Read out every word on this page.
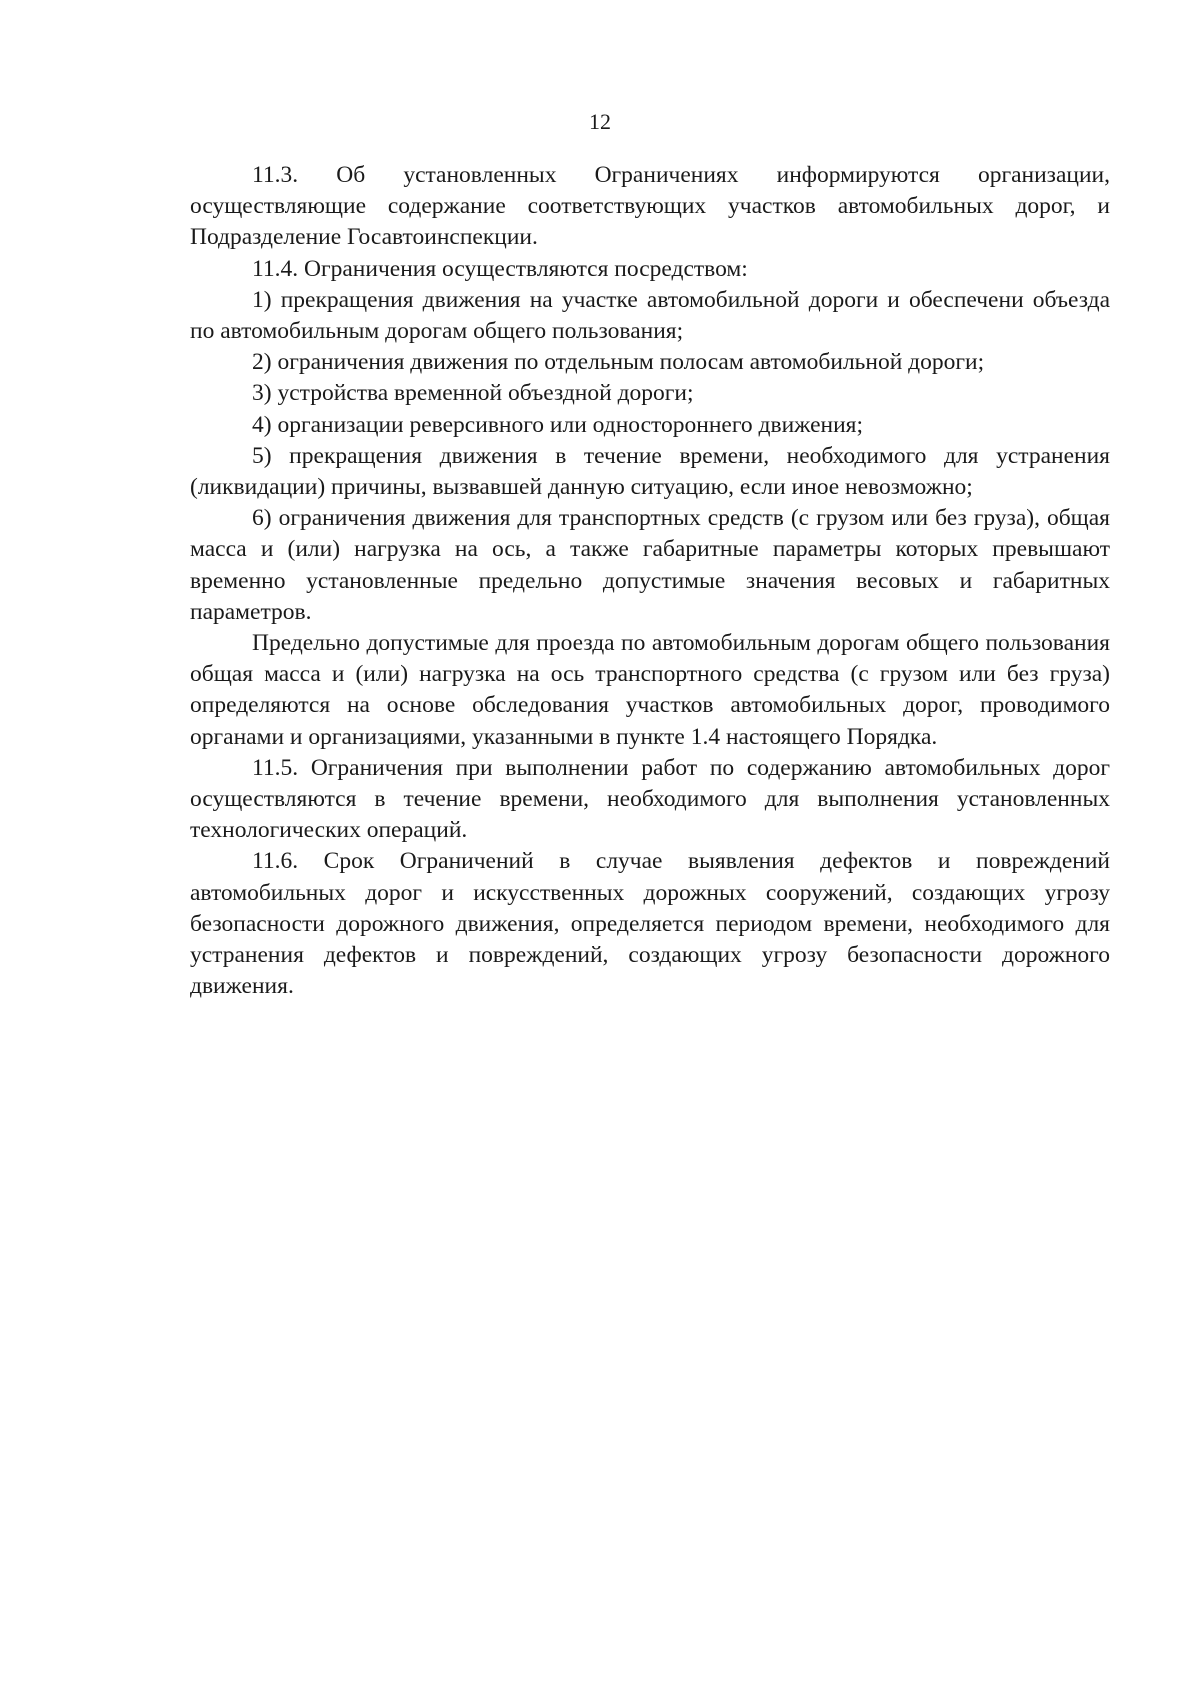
12

11.3. Об установленных Ограничениях информируются организации, осуществляющие содержание соответствующих участков автомобильных дорог, и Подразделение Госавтоинспекции.

11.4. Ограничения осуществляются посредством:

1) прекращения движения на участке автомобильной дороги и обеспечени объезда по автомобильным дорогам общего пользования;

2) ограничения движения по отдельным полосам автомобильной дороги;

3) устройства временной объездной дороги;

4) организации реверсивного или одностороннего движения;

5) прекращения движения в течение времени, необходимого для устранения (ликвидации) причины, вызвавшей данную ситуацию, если иное невозможно;

6) ограничения движения для транспортных средств (с грузом или без груза), общая масса и (или) нагрузка на ось, а также габаритные параметры которых превышают временно установленные предельно допустимые значения весовых и габаритных параметров.

Предельно допустимые для проезда по автомобильным дорогам общего пользования общая масса и (или) нагрузка на ось транспортного средства (с грузом или без груза) определяются на основе обследования участков автомобильных дорог, проводимого органами и организациями, указанными в пункте 1.4 настоящего Порядка.

11.5. Ограничения при выполнении работ по содержанию автомобильных дорог осуществляются в течение времени, необходимого для выполнения установленных технологических операций.

11.6. Срок Ограничений в случае выявления дефектов и повреждений автомобильных дорог и искусственных дорожных сооружений, создающих угрозу безопасности дорожного движения, определяется периодом времени, необходимого для устранения дефектов и повреждений, создающих угрозу безопасности дорожного движения.
